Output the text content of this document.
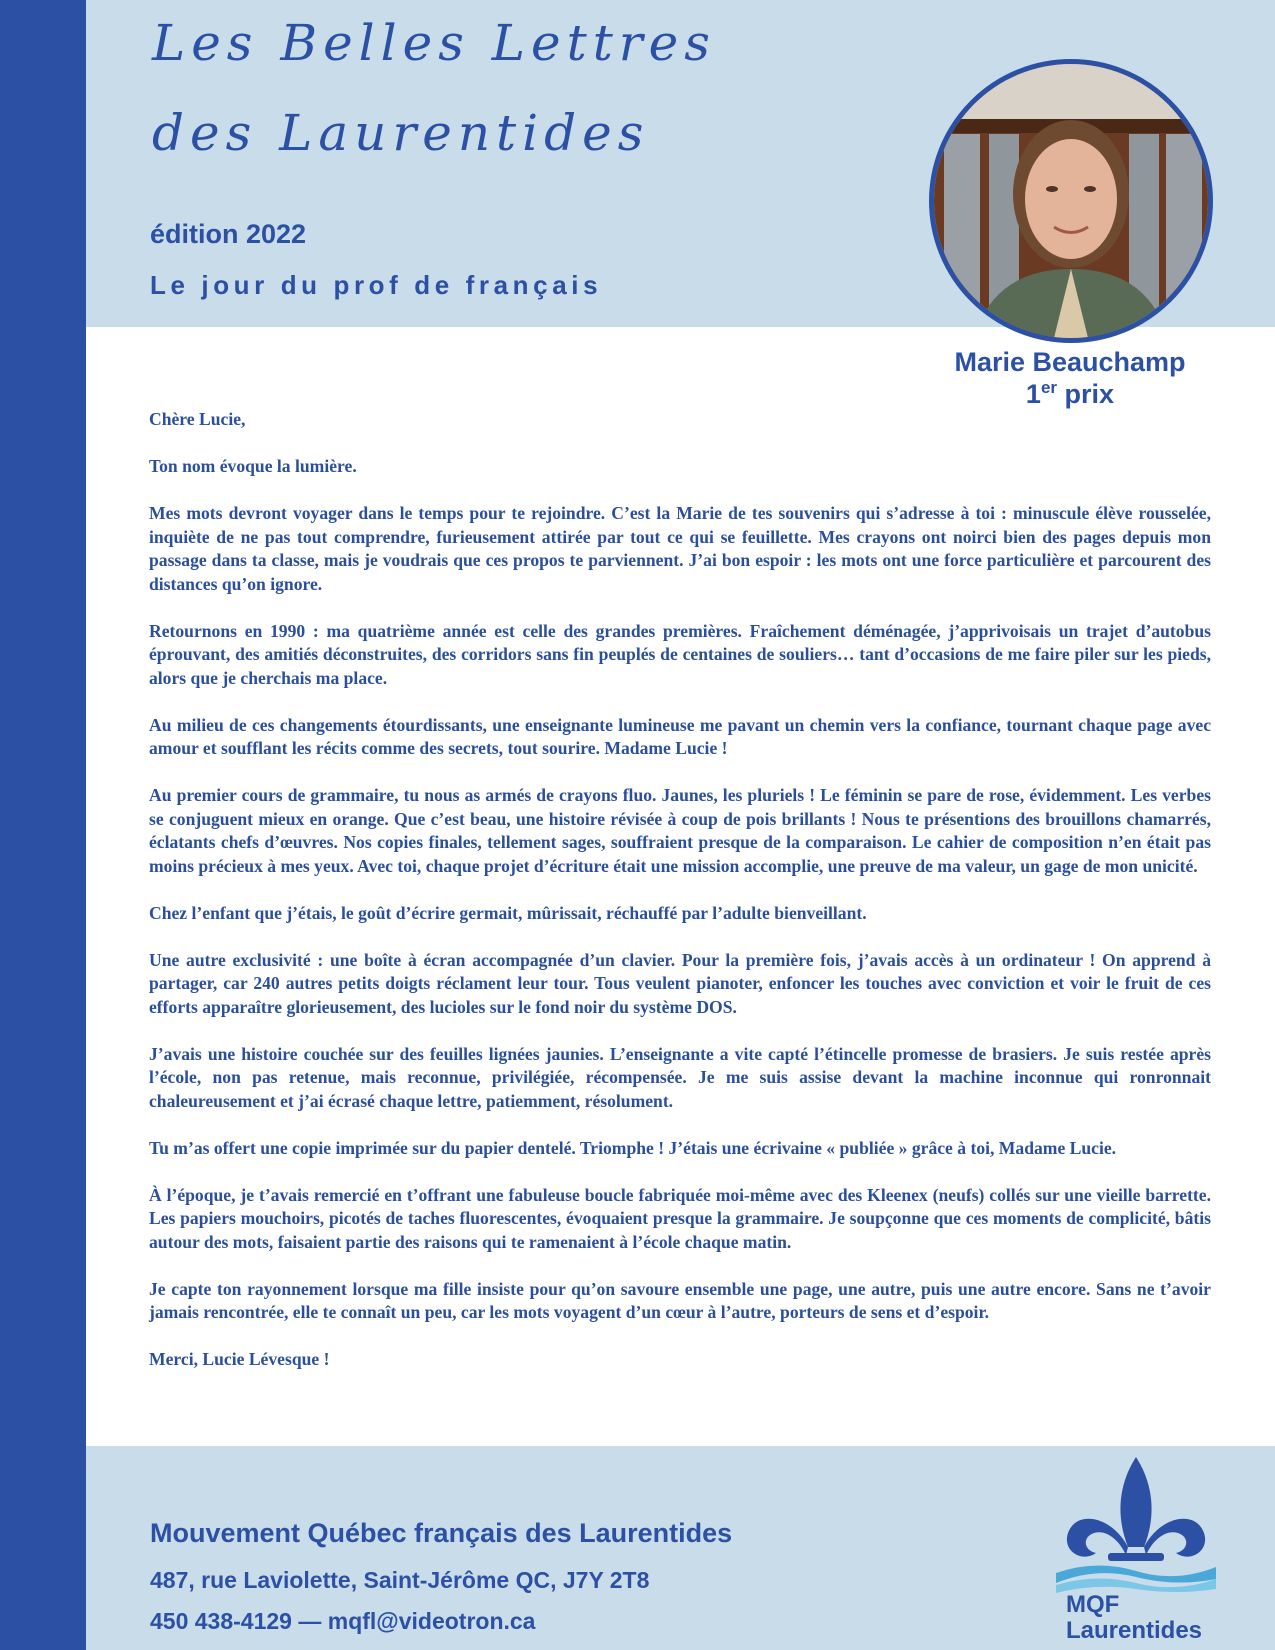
Les Belles Lettres
des Laurentides
édition 2022
Le jour du prof de français
Marie Beauchamp
1er prix

Chère Lucie,

Ton nom évoque la lumière.

Mes mots devront voyager dans le temps pour te rejoindre. C’est la Marie de tes souvenirs qui s’adresse à toi : minuscule élève rousselée, inquiète de ne pas tout comprendre, furieusement attirée par tout ce qui se feuillette. Mes crayons ont noirci bien des pages depuis mon passage dans ta classe, mais je voudrais que ces propos te parviennent. J’ai bon espoir : les mots ont une force particulière et parcourent des distances qu’on ignore.

Retournons en 1990 : ma quatrième année est celle des grandes premières. Fraîchement déménagée, j’apprivoisais un trajet d’autobus éprouvant, des amitiés déconstruites, des corridors sans fin peuplés de centaines de souliers… tant d’occasions de me faire piler sur les pieds, alors que je cherchais ma place.

Au milieu de ces changements étourdissants, une enseignante lumineuse me pavant un chemin vers la confiance, tournant chaque page avec amour et soufflant les récits comme des secrets, tout sourire. Madame Lucie !

Au premier cours de grammaire, tu nous as armés de crayons fluo. Jaunes, les pluriels ! Le féminin se pare de rose, évidemment. Les verbes se conjuguent mieux en orange. Que c’est beau, une histoire révisée à coup de pois brillants ! Nous te présentions des brouillons chamarrés, éclatants chefs d’œuvres. Nos copies finales, tellement sages, souffraient presque de la comparaison. Le cahier de composition n’en était pas moins précieux à mes yeux. Avec toi, chaque projet d’écriture était une mission accomplie, une preuve de ma valeur, un gage de mon unicité.

Chez l’enfant que j’étais, le goût d’écrire germait, mûrissait, réchauffé par l’adulte bienveillant.

Une autre exclusivité : une boîte à écran accompagnée d’un clavier. Pour la première fois, j’avais accès à un ordinateur ! On apprend à partager, car 240 autres petits doigts réclament leur tour. Tous veulent pianoter, enfoncer les touches avec conviction et voir le fruit de ces efforts apparaître glorieusement, des lucioles sur le fond noir du système DOS.

J’avais une histoire couchée sur des feuilles lignées jaunies. L’enseignante a vite capté l’étincelle promesse de brasiers. Je suis restée après l’école, non pas retenue, mais reconnue, privilégiée, récompensée. Je me suis assise devant la machine inconnue qui ronronnait chaleureusement et j’ai écrasé chaque lettre, patiemment, résolument.

Tu m’as offert une copie imprimée sur du papier dentelé. Triomphe ! J’étais une écrivaine « publiée » grâce à toi, Madame Lucie.

À l’époque, je t’avais remercié en t’offrant une fabuleuse boucle fabriquée moi-même avec des Kleenex (neufs) collés sur une vieille barrette. Les papiers mouchoirs, picotés de taches fluorescentes, évoquaient presque la grammaire. Je soupçonne que ces moments de complicité, bâtis autour des mots, faisaient partie des raisons qui te ramenaient à l’école chaque matin.

Je capte ton rayonnement lorsque ma fille insiste pour qu’on savoure ensemble une page, une autre, puis une autre encore. Sans ne t’avoir jamais rencontrée, elle te connaît un peu, car les mots voyagent d’un cœur à l’autre, porteurs de sens et d’espoir.

Merci, Lucie Lévesque !

Mouvement Québec français des Laurentides
487, rue Laviolette, Saint-Jérôme QC, J7Y 2T8
450 438-4129 — mqfl@videotron.ca
MQF
Laurentides
